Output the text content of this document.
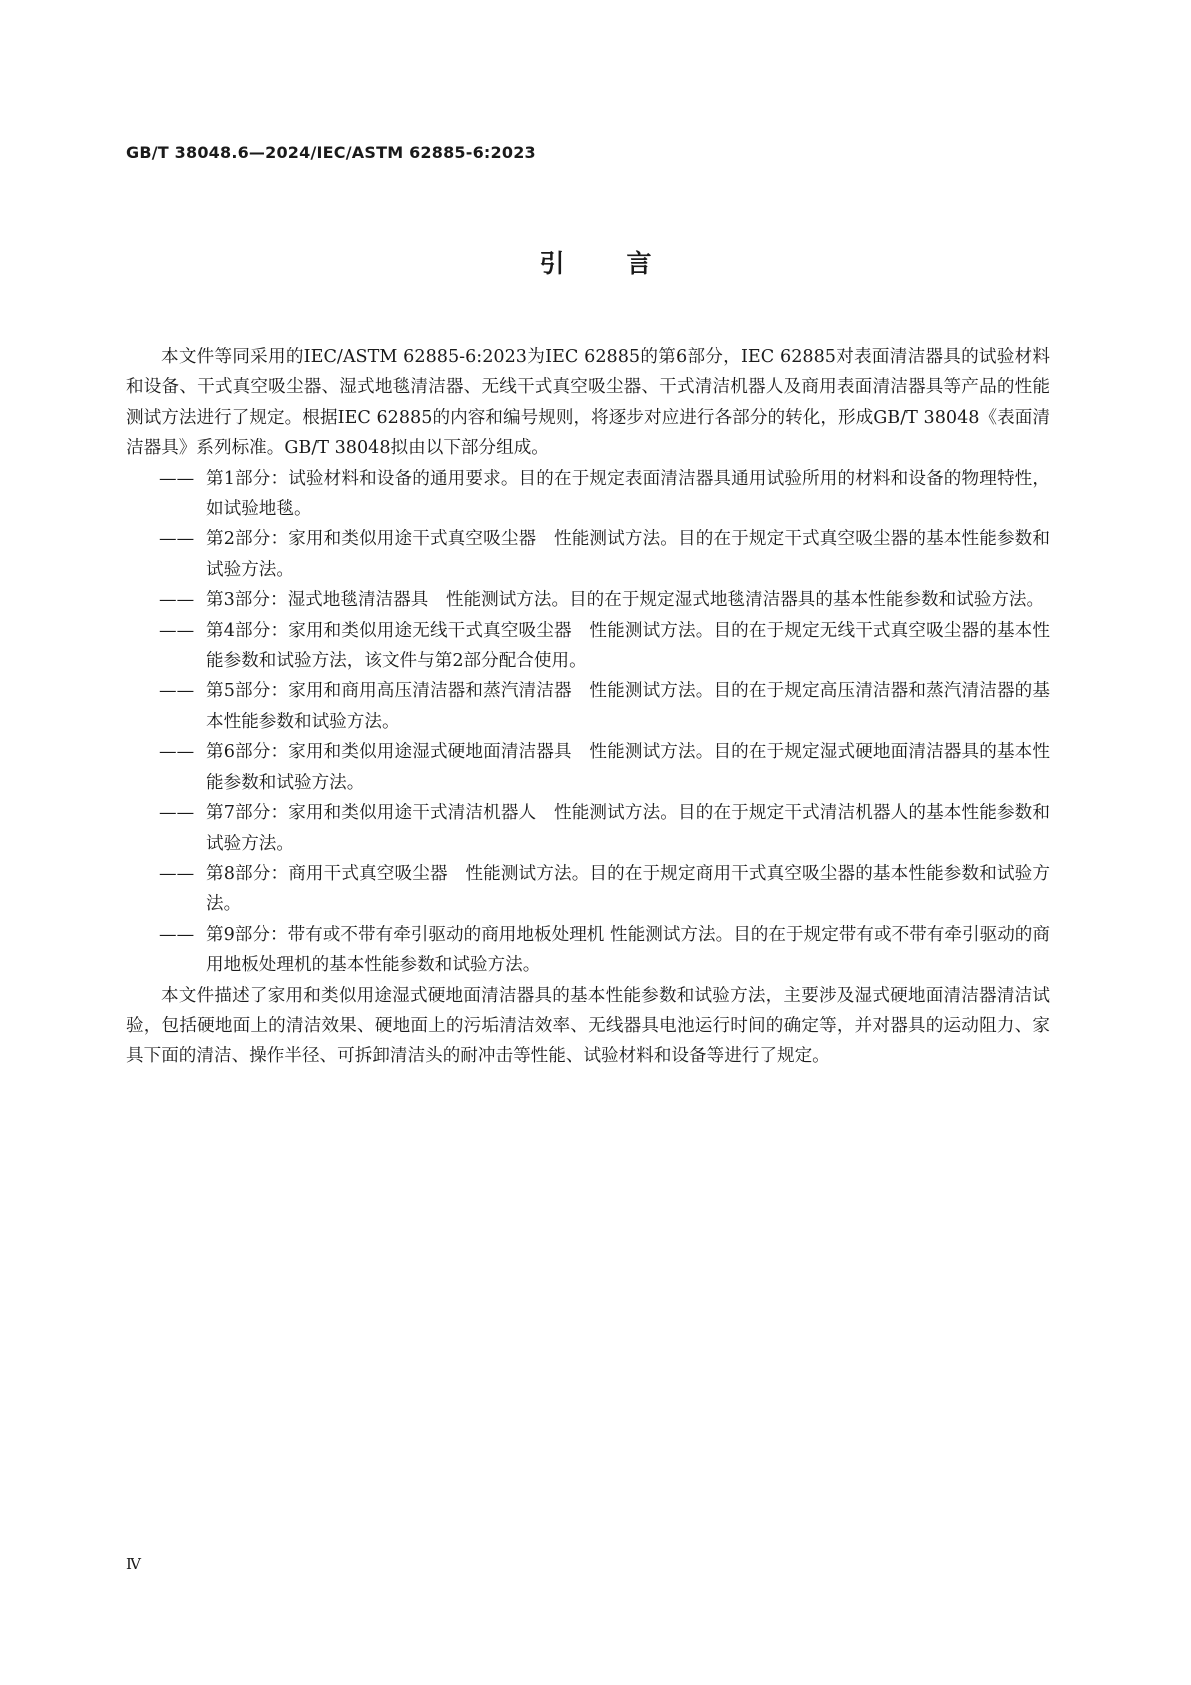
GB/T 38048.6—2024/IEC/ASTM 62885-6:2023
引言

本文件等同采用的IEC/ASTM 62885-6:2023为IEC 62885的第6部分，IEC 62885对表面清洁器具的试验材料和设备、干式真空吸尘器、湿式地毯清洁器、无线干式真空吸尘器、干式清洁机器人及商用表面清洁器具等产品的性能测试方法进行了规定。根据IEC 62885的内容和编号规则，将逐步对应进行各部分的转化，形成GB/T 38048《表面清洁器具》系列标准。GB/T 38048拟由以下部分组成。

—— 第1部分：试验材料和设备的通用要求。目的在于规定表面清洁器具通用试验所用的材料和设备的物理特性，如试验地毯。
—— 第2部分：家用和类似用途干式真空吸尘器　性能测试方法。目的在于规定干式真空吸尘器的基本性能参数和试验方法。
—— 第3部分：湿式地毯清洁器具　性能测试方法。目的在于规定湿式地毯清洁器具的基本性能参数和试验方法。
—— 第4部分：家用和类似用途无线干式真空吸尘器　性能测试方法。目的在于规定无线干式真空吸尘器的基本性能参数和试验方法，该文件与第2部分配合使用。
—— 第5部分：家用和商用高压清洁器和蒸汽清洁器　性能测试方法。目的在于规定高压清洁器和蒸汽清洁器的基本性能参数和试验方法。
—— 第6部分：家用和类似用途湿式硬地面清洁器具　性能测试方法。目的在于规定湿式硬地面清洁器具的基本性能参数和试验方法。
—— 第7部分：家用和类似用途干式清洁机器人　性能测试方法。目的在于规定干式清洁机器人的基本性能参数和试验方法。
—— 第8部分：商用干式真空吸尘器　性能测试方法。目的在于规定商用干式真空吸尘器的基本性能参数和试验方法。
—— 第9部分：带有或不带有牵引驱动的商用地板处理机 性能测试方法。目的在于规定带有或不带有牵引驱动的商用地板处理机的基本性能参数和试验方法。

本文件描述了家用和类似用途湿式硬地面清洁器具的基本性能参数和试验方法，主要涉及湿式硬地面清洁器清洁试验，包括硬地面上的清洁效果、硬地面上的污垢清洁效率、无线器具电池运行时间的确定等，并对器具的运动阻力、家具下面的清洁、操作半径、可拆卸清洁头的耐冲击等性能、试验材料和设备等进行了规定。

Ⅳ
